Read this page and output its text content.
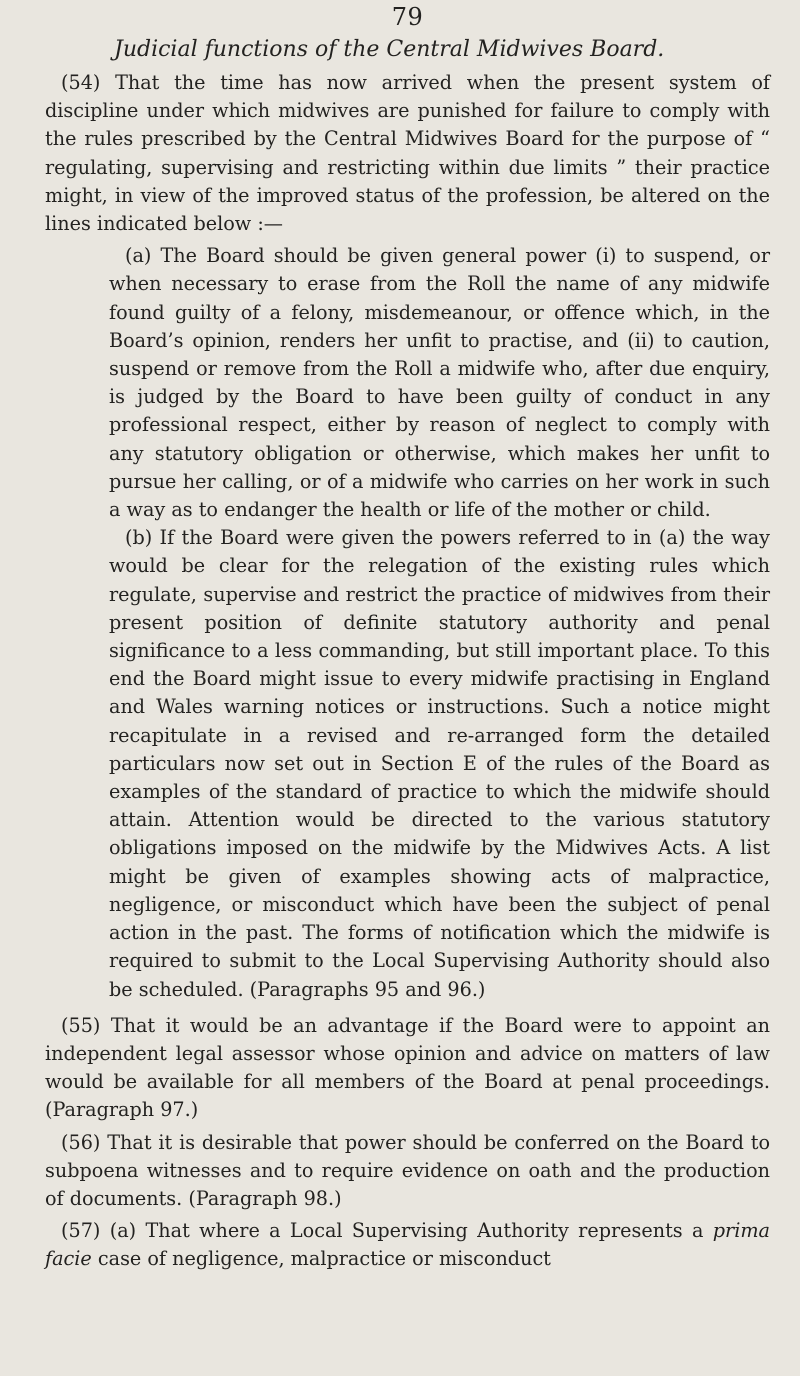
79
Judicial functions of the Central Midwives Board.

(54) That the time has now arrived when the present system of discipline under which midwives are punished for failure to comply with the rules prescribed by the Central Midwives Board for the purpose of “ regulating, supervising and restricting within due limits ” their practice might, in view of the improved status of the profession, be altered on the lines indicated below :—

(a) The Board should be given general power (i) to suspend, or when necessary to erase from the Roll the name of any midwife found guilty of a felony, misdemeanour, or offence which, in the Board’s opinion, renders her unfit to practise, and (ii) to caution, suspend or remove from the Roll a midwife who, after due enquiry, is judged by the Board to have been guilty of conduct in any professional respect, either by reason of neglect to comply with any statutory obligation or otherwise, which makes her unfit to pursue her calling, or of a midwife who carries on her work in such a way as to endanger the health or life of the mother or child.

(b) If the Board were given the powers referred to in (a) the way would be clear for the relegation of the existing rules which regulate, supervise and restrict the practice of midwives from their present position of definite statutory authority and penal significance to a less commanding, but still important place. To this end the Board might issue to every midwife practising in England and Wales warning notices or instructions. Such a notice might recapitulate in a revised and re-arranged form the detailed particulars now set out in Section E of the rules of the Board as examples of the standard of practice to which the midwife should attain. Attention would be directed to the various statutory obligations imposed on the midwife by the Midwives Acts. A list might be given of examples showing acts of malpractice, negligence, or misconduct which have been the subject of penal action in the past. The forms of notification which the midwife is required to submit to the Local Supervising Authority should also be scheduled. (Paragraphs 95 and 96.)

(55) That it would be an advantage if the Board were to appoint an independent legal assessor whose opinion and advice on matters of law would be available for all members of the Board at penal proceedings. (Paragraph 97.)

(56) That it is desirable that power should be conferred on the Board to subpoena witnesses and to require evidence on oath and the production of documents. (Paragraph 98.)

(57) (a) That where a Local Supervising Authority represents a prima facie case of negligence, malpractice or misconduct
